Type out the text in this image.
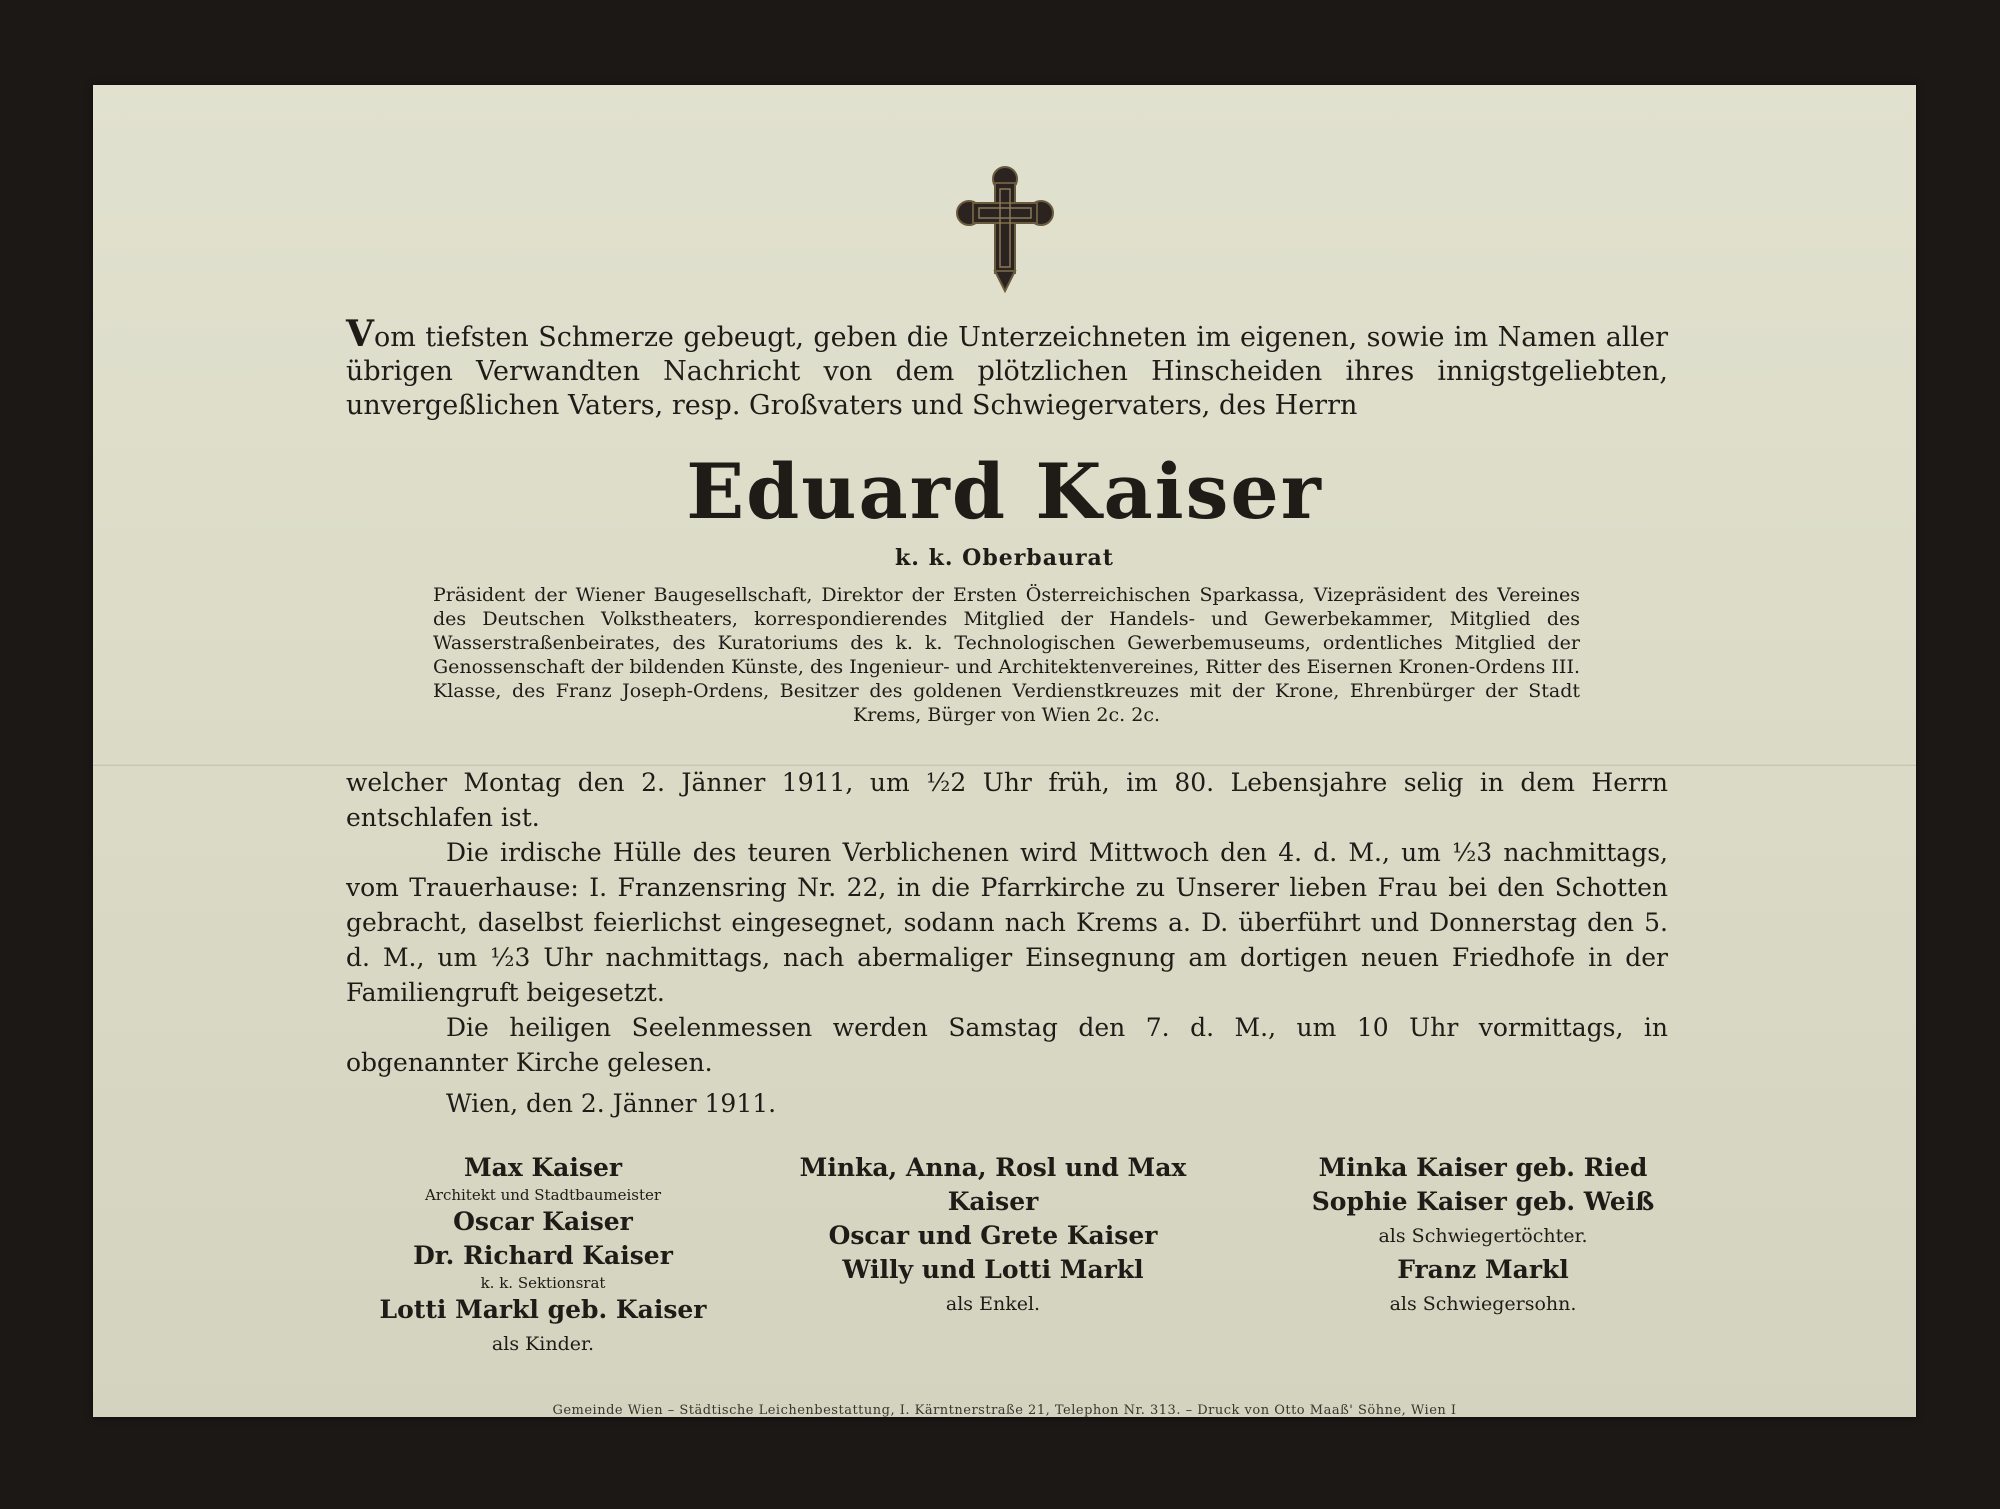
Vom tiefsten Schmerze gebeugt, geben die Unterzeichneten im eigenen, sowie im Namen aller übrigen Verwandten Nachricht von dem plötzlichen Hinscheiden ihres innigstgeliebten, unvergeßlichen Vaters, resp. Großvaters und Schwiegervaters, des Herrn
Eduard Kaiser
k. k. Oberbaurat
Präsident der Wiener Baugesellschaft, Direktor der Ersten Österreichischen Sparkassa, Vizepräsident des Vereines des Deutschen Volkstheaters, korrespondierendes Mitglied der Handels- und Gewerbekammer, Mitglied des Wasserstraßenbeirates, des Kuratoriums des k. k. Technologischen Gewerbemuseums, ordentliches Mitglied der Genossenschaft der bildenden Künste, des Ingenieur- und Architektenvereines, Ritter des Eisernen Kronen-Ordens III. Klasse, des Franz Joseph-Ordens, Besitzer des goldenen Verdienstkreuzes mit der Krone, Ehrenbürger der Stadt Krems, Bürger von Wien 2c. 2c.

welcher Montag den 2. Jänner 1911, um ½2 Uhr früh, im 80. Lebensjahre selig in dem Herrn entschlafen ist.

Die irdische Hülle des teuren Verblichenen wird Mittwoch den 4. d. M., um ½3 nachmittags, vom Trauerhause: I. Franzensring Nr. 22, in die Pfarrkirche zu Unserer lieben Frau bei den Schotten gebracht, daselbst feierlichst eingesegnet, sodann nach Krems a. D. überführt und Donnerstag den 5. d. M., um ½3 Uhr nachmittags, nach abermaliger Einsegnung am dortigen neuen Friedhofe in der Familiengruft beigesetzt.

Die heiligen Seelenmessen werden Samstag den 7. d. M., um 10 Uhr vormittags, in obgenannter Kirche gelesen.

Wien, den 2. Jänner 1911.

Max Kaiser
Architekt und Stadtbaumeister
Oscar Kaiser
Dr. Richard Kaiser
k. k. Sektionsrat
Lotti Markl geb. Kaiser
als Kinder.
Minka, Anna, Rosl und Max
Kaiser
Oscar und Grete Kaiser
Willy und Lotti Markl
als Enkel.
Minka Kaiser geb. Ried
Sophie Kaiser geb. Weiß
als Schwiegertöchter.
Franz Markl
als Schwiegersohn.
Gemeinde Wien – Städtische Leichenbestattung, I. Kärntnerstraße 21, Telephon Nr. 313. – Druck von Otto Maaß' Söhne, Wien I
